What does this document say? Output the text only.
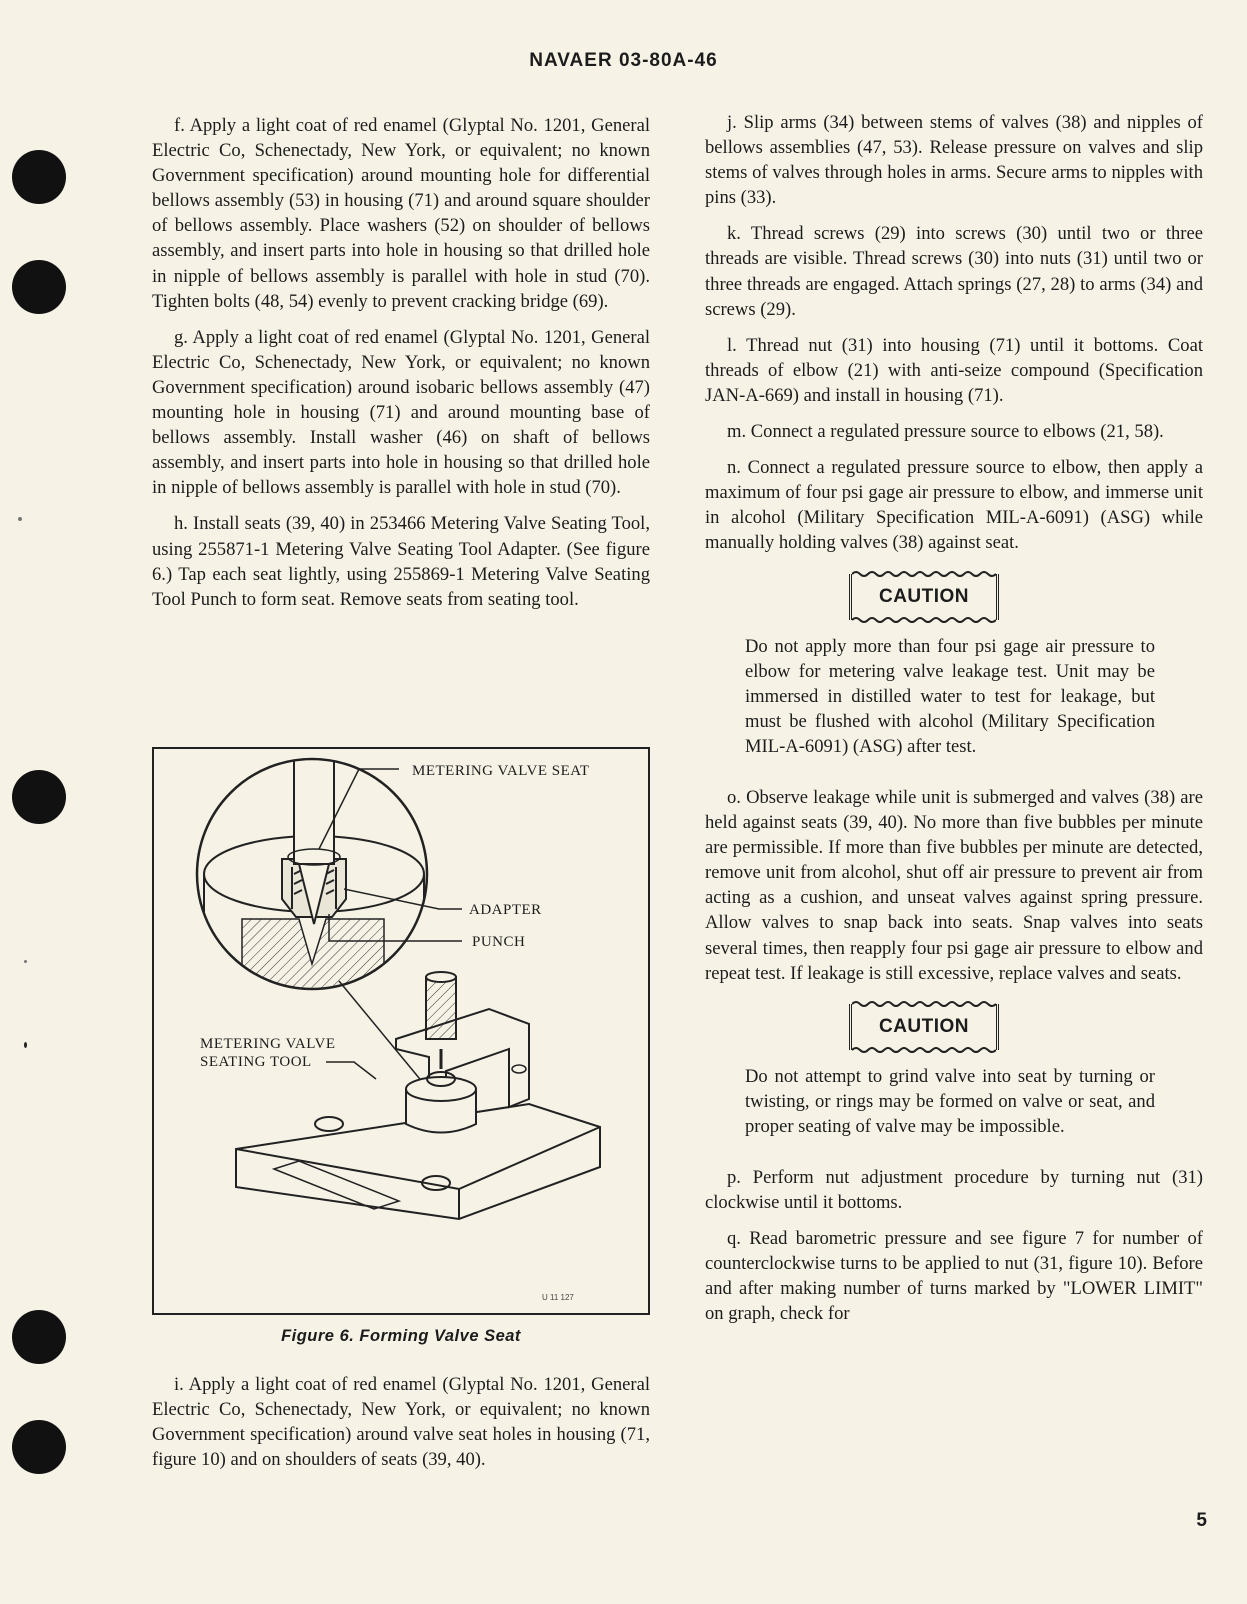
NAVAER 03-80A-46

f. Apply a light coat of red enamel (Glyptal No. 1201, General Electric Co, Schenectady, New York, or equivalent; no known Government specification) around mounting hole for differential bellows assembly (53) in housing (71) and around square shoulder of bellows assembly. Place washers (52) on shoulder of bellows assembly, and insert parts into hole in housing so that drilled hole in nipple of bellows assembly is parallel with hole in stud (70). Tighten bolts (48, 54) evenly to prevent cracking bridge (69).

g. Apply a light coat of red enamel (Glyptal No. 1201, General Electric Co, Schenectady, New York, or equivalent; no known Government specification) around isobaric bellows assembly (47) mounting hole in housing (71) and around mounting base of bellows assembly. Install washer (46) on shaft of bellows assembly, and insert parts into hole in housing so that drilled hole in nipple of bellows assembly is parallel with hole in stud (70).

h. Install seats (39, 40) in 253466 Metering Valve Seating Tool, using 255871-1 Metering Valve Seating Tool Adapter. (See figure 6.) Tap each seat lightly, using 255869-1 Metering Valve Seating Tool Punch to form seat. Remove seats from seating tool.

METERING VALVE SEAT
ADAPTER
PUNCH
METERING VALVE
SEATING TOOL
U 11 127
Figure 6. Forming Valve Seat

i. Apply a light coat of red enamel (Glyptal No. 1201, General Electric Co, Schenectady, New York, or equivalent; no known Government specification) around valve seat holes in housing (71, figure 10) and on shoulders of seats (39, 40).

j. Slip arms (34) between stems of valves (38) and nipples of bellows assemblies (47, 53). Release pressure on valves and slip stems of valves through holes in arms. Secure arms to nipples with pins (33).

k. Thread screws (29) into screws (30) until two or three threads are visible. Thread screws (30) into nuts (31) until two or three threads are engaged. Attach springs (27, 28) to arms (34) and screws (29).

l. Thread nut (31) into housing (71) until it bottoms. Coat threads of elbow (21) with anti-seize compound (Specification JAN-A-669) and install in housing (71).

m. Connect a regulated pressure source to elbows (21, 58).

n. Connect a regulated pressure source to elbow, then apply a maximum of four psi gage air pressure to elbow, and immerse unit in alcohol (Military Specification MIL-A-6091) (ASG) while manually holding valves (38) against seat.

CAUTION
Do not apply more than four psi gage air pressure to elbow for metering valve leakage test. Unit may be immersed in distilled water to test for leakage, but must be flushed with alcohol (Military Specification MIL-A-6091) (ASG) after test.

o. Observe leakage while unit is submerged and valves (38) are held against seats (39, 40). No more than five bubbles per minute are permissible. If more than five bubbles per minute are detected, remove unit from alcohol, shut off air pressure to prevent air from acting as a cushion, and unseat valves against spring pressure. Allow valves to snap back into seats. Snap valves into seats several times, then reapply four psi gage air pressure to elbow and repeat test. If leakage is still excessive, replace valves and seats.

CAUTION
Do not attempt to grind valve into seat by turning or twisting, or rings may be formed on valve or seat, and proper seating of valve may be impossible.

p. Perform nut adjustment procedure by turning nut (31) clockwise until it bottoms.

q. Read barometric pressure and see figure 7 for number of counterclockwise turns to be applied to nut (31, figure 10). Before and after making number of turns marked by "LOWER LIMIT" on graph, check for

5
